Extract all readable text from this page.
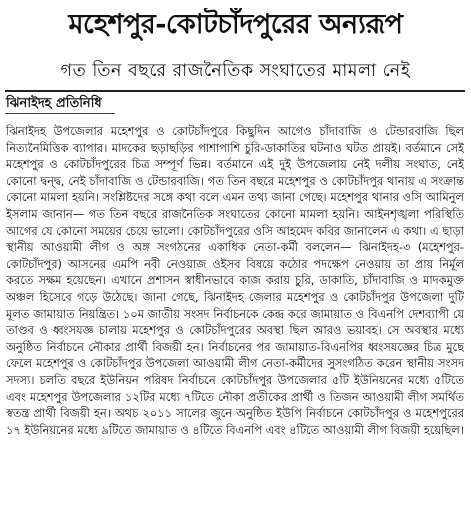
মহেশপুর-কোটচাঁদপুরের অন্যরূপ
গত তিন বছরে রাজনৈতিক সংঘাতের মামলা নেই
ঝিনাইদহ প্রতিনিধি
ঝিনাইদহ উপজেলার মহেশপুর ও কোটচাঁদপুরে কিছুদিন আগেও চাঁদাবাজি ও টেন্ডারবাজি ছিল নিত্যনৈমিত্তিক ব্যাপার। মাদকের ছড়াছড়ির পাশাপাশি চুরি-ডাকাতির ঘটনাও ঘটত প্রায়ই। বর্তমানে সেই মহেশপুর ও কোটচাঁদপুরের চিত্র সম্পূর্ণ ভিন্ন। বর্তমানে এই দুই উপজেলায় নেই দলীয় সংঘাত, নেই কোনো দ্বন্দ্ব, নেই চাঁদাবাজি ও টেন্ডারবাজি। গত তিন বছরে মহেশপুর ও কোটচাঁদপুর থানায় এ সংক্রান্ত কোনো মামলা হয়নি। সংশ্লিষ্টদের সঙ্গে কথা বলে এমন তথ্য জানা গেছে। মহেশপুর থানার ওসি আমিনুল ইসলাম জানান— গত তিন বছরে রাজনৈতিক সংঘাতের কোনো মামলা হয়নি। আইনশৃঙ্খলা পরিস্থিতি আগের যে কোনো সময়ের চেয়ে ভালো। কোটচাঁদপুরের ওসি আহমেদ কবির জানালেন এ কথা। এ ছাড়া স্থানীয় আওয়ামী লীগ ও অঙ্গ সংগঠনের একাধিক নেতা-কর্মী বললেন— ঝিনাইদহ-৩ (মহেশপুর-কোটচাঁদপুর) আসনের এমপি নবী নেওয়াজ ওইসব বিষয়ে কঠোর পদক্ষেপ নেওয়ায় তা প্রায় নির্মূল করতে সক্ষম হয়েছেন। এখানে প্রশাসন স্বাধীনভাবে কাজ করায় চুরি, ডাকাতি, চাঁদাবাজি ও মাদকমুক্ত অঞ্চল হিসেবে গড়ে উঠেছে। জানা গেছে, ঝিনাইদহ জেলার মহেশপুর ও কোটচাঁদপুর উপজেলা দুটি মূলত জামায়াত নিয়ন্ত্রিত। ১০ম জাতীয় সংসদ নির্বাচনকে কেন্দ্র করে জামায়াত ও বিএনপি দেশব্যাপী যে তাণ্ডব ও ধ্বংসযজ্ঞ চালায় মহেশপুর ও কোটচাঁদপুরের অবস্থা ছিল আরও ভয়াবহ। সে অবস্থার মধ্যে অনুষ্ঠিত নির্বাচনে নৌকার প্রার্থী বিজয়ী হন। নির্বাচনের পর জামায়াত-বিএনপির ধ্বংসযজ্ঞের চিত্র মুছে ফেলে মহেশপুর ও কোটচাঁদপুর উপজেলা আওয়ামী লীগ নেতা-কর্মীদের সুসংগঠিত করেন স্থানীয় সংসদ সদস্য। চলতি বছরে ইউনিয়ন পরিষদ নির্বাচনে কোটচাঁদপুর উপজেলার ৫টি ইউনিয়নের মধ্যে ৫টিতে এবং মহেশপুর উপজেলার ১২টির মধ্যে ৭টিতে নৌকা প্রতীকের প্রার্থী ও তিজন আওয়ামী লীগ সমর্থিত স্বতন্ত্র প্রার্থী বিজয়ী হন। অথচ ২০১১ সালের জুনে অনুষ্ঠিত ইউপি নির্বাচনে কোটচাঁদপুর ও মহেশপুরের ১৭ ইউনিয়নের মধ্যে ৯টিতে জামায়াত ও ৪টিতে বিএনপি এবং ৪টিতে আওয়ামী লীগ বিজয়ী হয়েছিল।
